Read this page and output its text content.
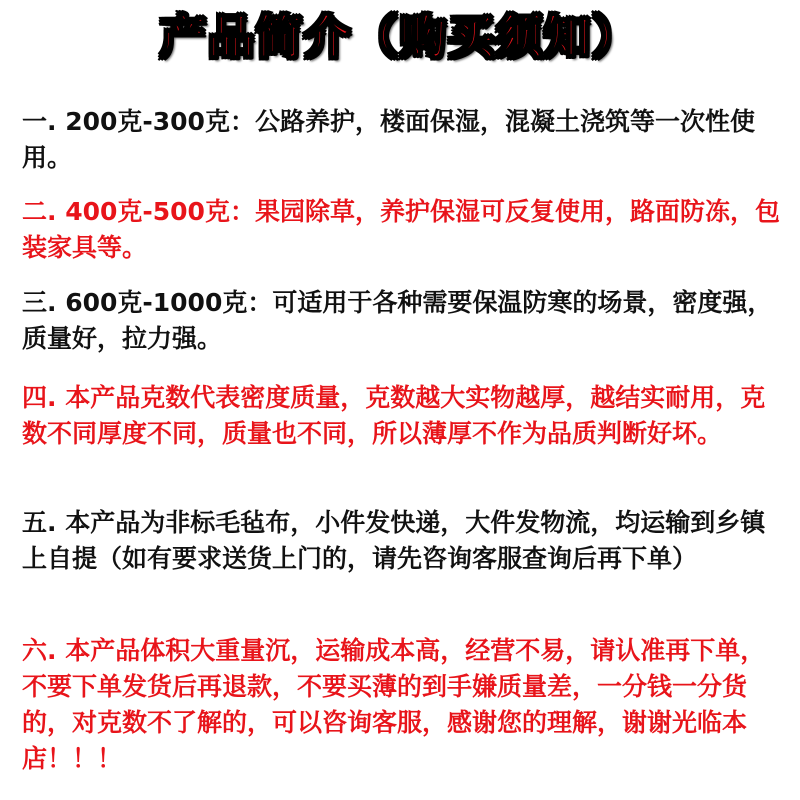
产品简介（购买须知）

一. 200克-300克：公路养护，楼面保湿，混凝土浇筑等一次性使用。

二. 400克-500克：果园除草，养护保湿可反复使用，路面防冻，包装家具等。

三. 600克-1000克：可适用于各种需要保温防寒的场景，密度强，质量好，拉力强。

四. 本产品克数代表密度质量，克数越大实物越厚，越结实耐用，克数不同厚度不同，质量也不同，所以薄厚不作为品质判断好坏。

五. 本产品为非标毛毡布，小件发快递，大件发物流，均运输到乡镇上自提（如有要求送货上门的，请先咨询客服查询后再下单）

六. 本产品体积大重量沉，运输成本高，经营不易，请认准再下单，不要下单发货后再退款，不要买薄的到手嫌质量差，一分钱一分货的，对克数不了解的，可以咨询客服，感谢您的理解，谢谢光临本店！！！
